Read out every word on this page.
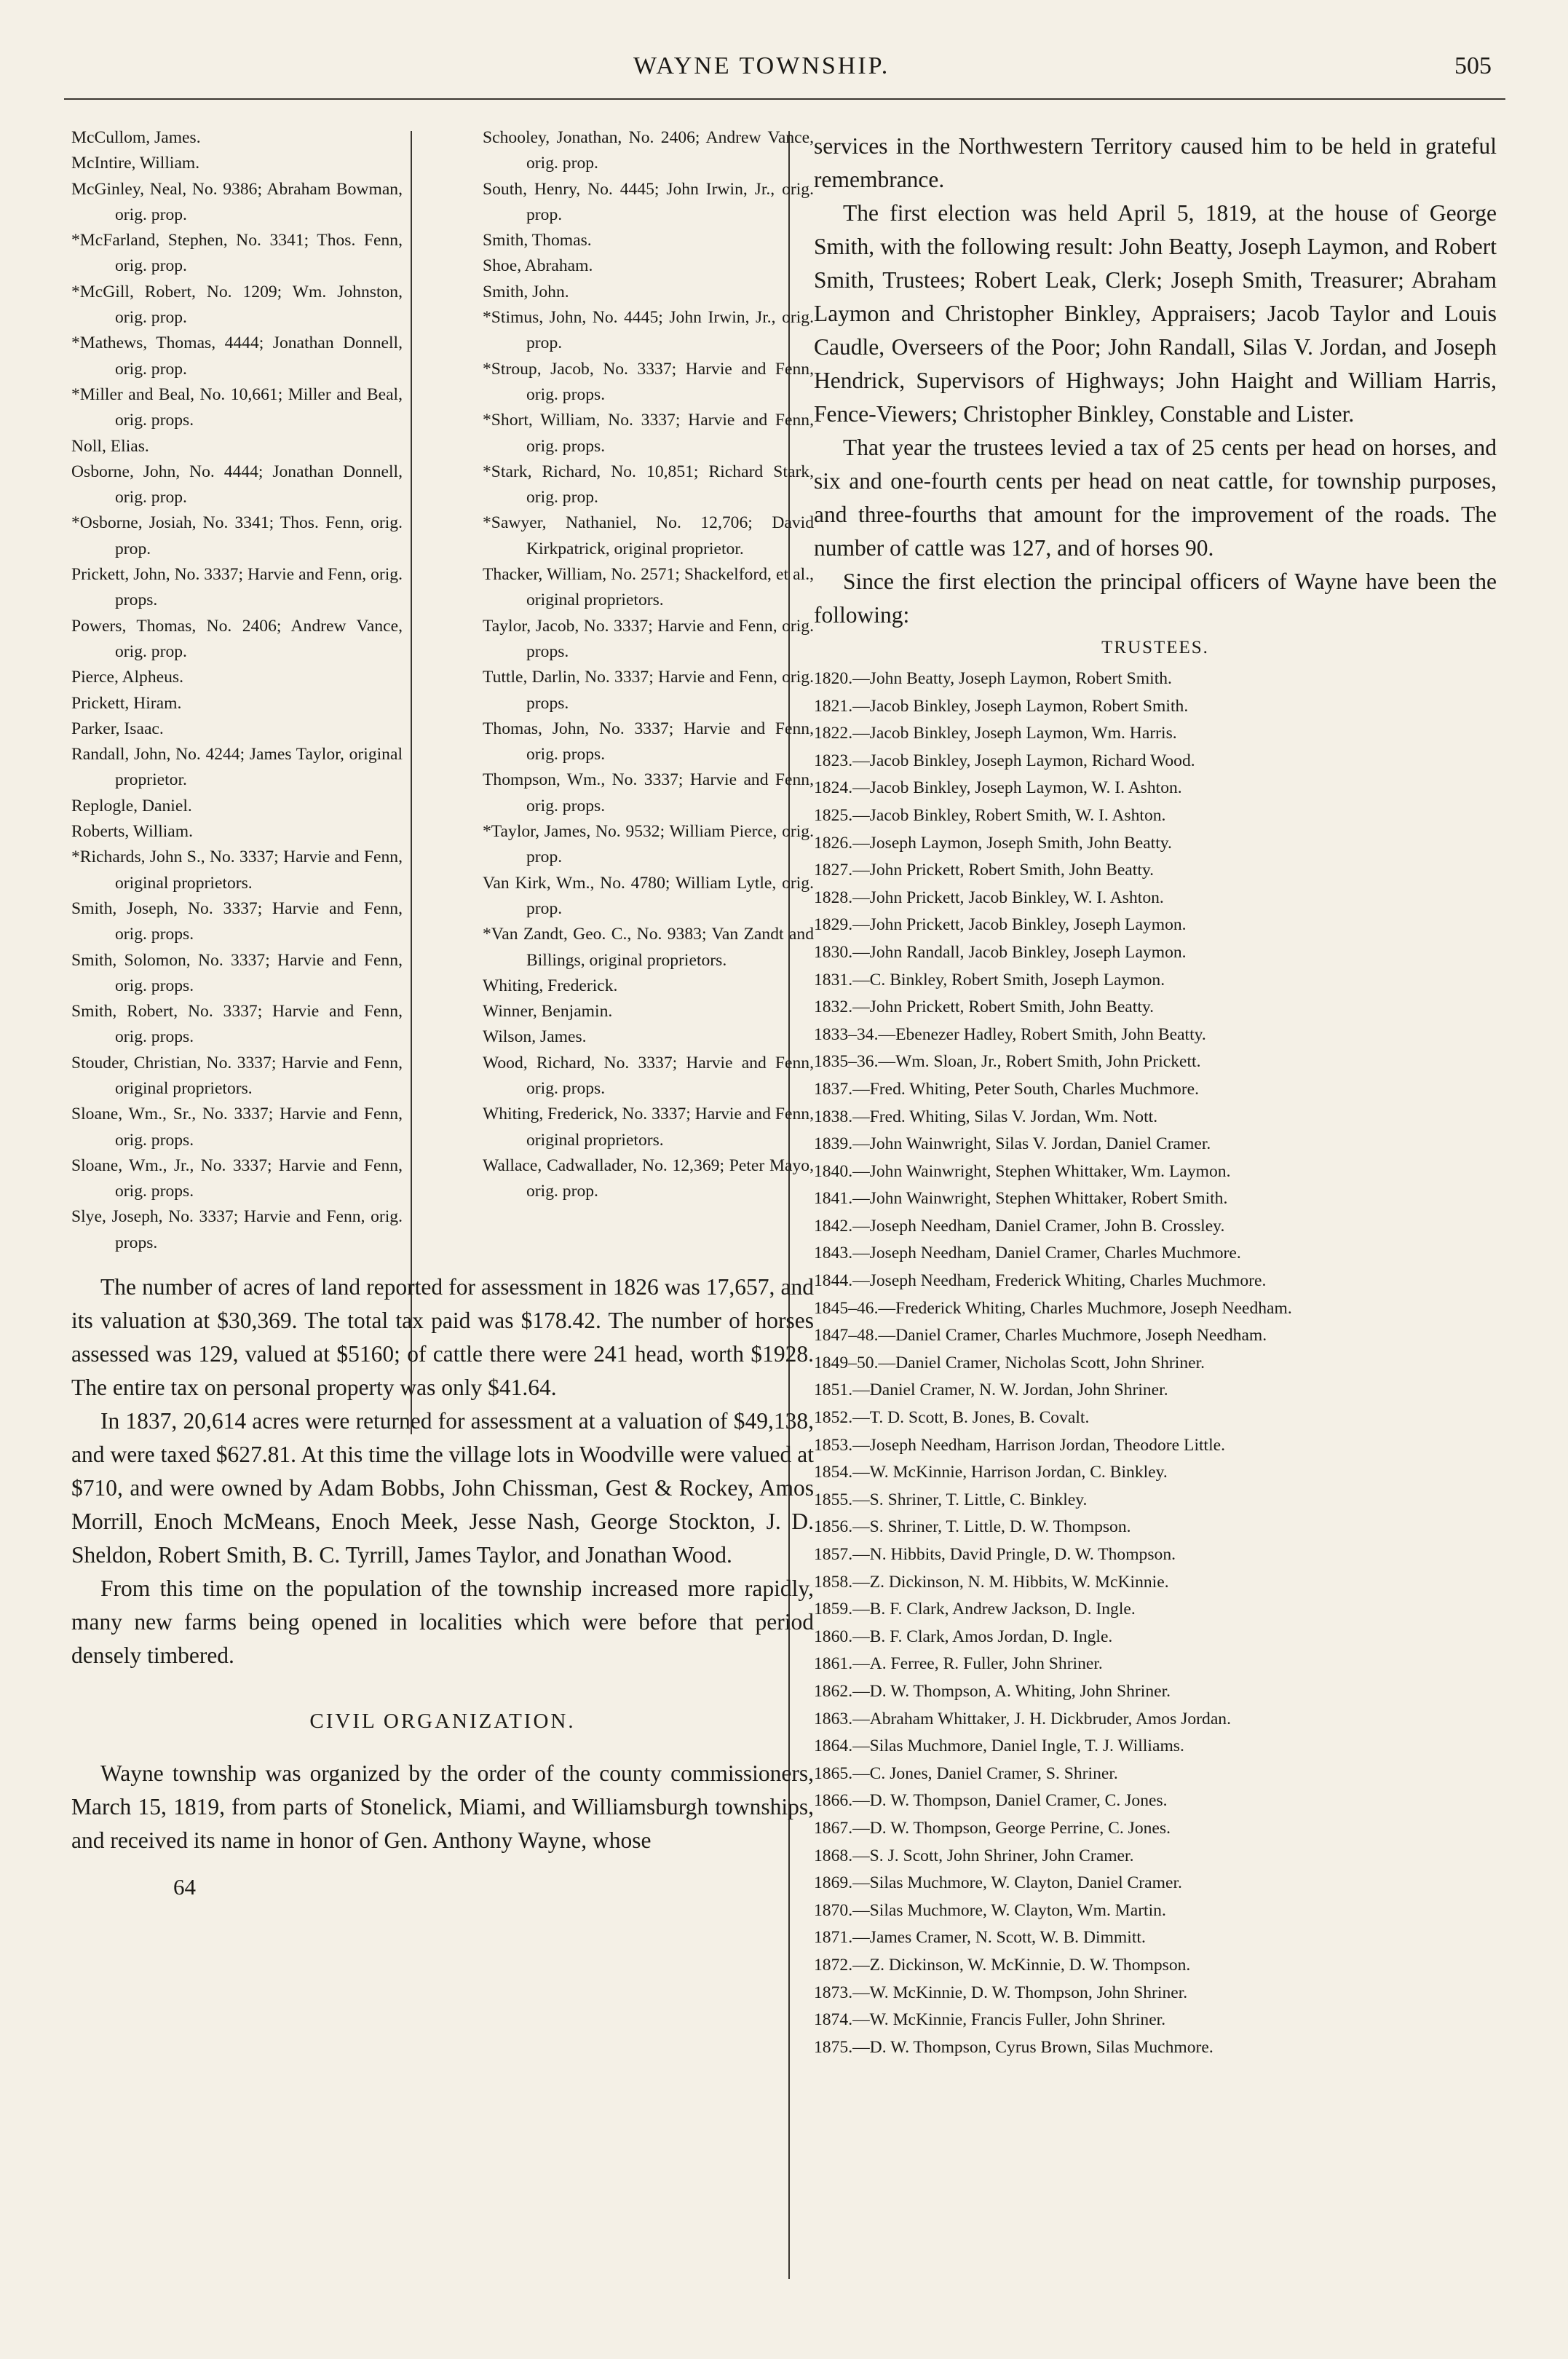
WAYNE TOWNSHIP.	505
McCullom, James.
McIntire, William.
McGinley, Neal, No. 9386; Abraham Bowman, orig. prop.
*McFarland, Stephen, No. 3341; Thos. Fenn, orig. prop.
*McGill, Robert, No. 1209; Wm. Johnston, orig. prop.
*Mathews, Thomas, 4444; Jonathan Donnell, orig. prop.
*Miller and Beal, No. 10,661; Miller and Beal, orig. props.
Noll, Elias.
Osborne, John, No. 4444; Jonathan Donnell, orig. prop.
*Osborne, Josiah, No. 3341; Thos. Fenn, orig. prop.
Prickett, John, No. 3337; Harvie and Fenn, orig. props.
Powers, Thomas, No. 2406; Andrew Vance, orig. prop.
Pierce, Alpheus.
Prickett, Hiram.
Parker, Isaac.
Randall, John, No. 4244; James Taylor, original proprietor.
Replogle, Daniel.
Roberts, William.
*Richards, John S., No. 3337; Harvie and Fenn, original proprietors.
Smith, Joseph, No. 3337; Harvie and Fenn, orig. props.
Smith, Solomon, No. 3337; Harvie and Fenn, orig. props.
Smith, Robert, No. 3337; Harvie and Fenn, orig. props.
Stouder, Christian, No. 3337; Harvie and Fenn, original proprietors.
Sloane, Wm., Sr., No. 3337; Harvie and Fenn, orig. props.
Sloane, Wm., Jr., No. 3337; Harvie and Fenn, orig. props.
Slye, Joseph, No. 3337; Harvie and Fenn, orig. props.
Schooley, Jonathan, No. 2406; Andrew Vance, orig. prop.
South, Henry, No. 4445; John Irwin, Jr., orig. prop.
Smith, Thomas.
Shoe, Abraham.
Smith, John.
*Stimus, John, No. 4445; John Irwin, Jr., orig. prop.
*Stroup, Jacob, No. 3337; Harvie and Fenn, orig. props.
*Short, William, No. 3337; Harvie and Fenn, orig. props.
*Stark, Richard, No. 10,851; Richard Stark, orig. prop.
*Sawyer, Nathaniel, No. 12,706; David Kirkpatrick, original proprietor.
Thacker, William, No. 2571; Shackelford, et al., original proprietors.
Taylor, Jacob, No. 3337; Harvie and Fenn, orig. props.
Tuttle, Darlin, No. 3337; Harvie and Fenn, orig. props.
Thomas, John, No. 3337; Harvie and Fenn, orig. props.
Thompson, Wm., No. 3337; Harvie and Fenn, orig. props.
*Taylor, James, No. 9532; William Pierce, orig. prop.
Van Kirk, Wm., No. 4780; William Lytle, orig. prop.
*Van Zandt, Geo. C., No. 9383; Van Zandt and Billings, original proprietors.
Whiting, Frederick.
Winner, Benjamin.
Wilson, James.
Wood, Richard, No. 3337; Harvie and Fenn, orig. props.
Whiting, Frederick, No. 3337; Harvie and Fenn, original proprietors.
Wallace, Cadwallader, No. 12,369; Peter Mayo, orig. prop.

The number of acres of land reported for assessment in 1826 was 17,657, and its valuation at $30,369. The total tax paid was $178.42. The number of horses assessed was 129, valued at $5160; of cattle there were 241 head, worth $1928. The entire tax on personal property was only $41.64.

In 1837, 20,614 acres were returned for assessment at a valuation of $49,138, and were taxed $627.81. At this time the village lots in Woodville were valued at $710, and were owned by Adam Bobbs, John Chissman, Gest & Rockey, Amos Morrill, Enoch McMeans, Enoch Meek, Jesse Nash, George Stockton, J. D. Sheldon, Robert Smith, B. C. Tyrrill, James Taylor, and Jonathan Wood.

From this time on the population of the township increased more rapidly, many new farms being opened in localities which were before that period densely timbered.

CIVIL ORGANIZATION.

Wayne township was organized by the order of the county commissioners, March 15, 1819, from parts of Stonelick, Miami, and Williamsburgh townships, and received its name in honor of Gen. Anthony Wayne, whose

64

services in the Northwestern Territory caused him to be held in grateful remembrance.

The first election was held April 5, 1819, at the house of George Smith, with the following result: John Beatty, Joseph Laymon, and Robert Smith, Trustees; Robert Leak, Clerk; Joseph Smith, Treasurer; Abraham Laymon and Christopher Binkley, Appraisers; Jacob Taylor and Louis Caudle, Overseers of the Poor; John Randall, Silas V. Jordan, and Joseph Hendrick, Supervisors of Highways; John Haight and William Harris, Fence-Viewers; Christopher Binkley, Constable and Lister.

That year the trustees levied a tax of 25 cents per head on horses, and six and one-fourth cents per head on neat cattle, for township purposes, and three-fourths that amount for the improvement of the roads. The number of cattle was 127, and of horses 90.

Since the first election the principal officers of Wayne have been the following:

TRUSTEES.
1820.—John Beatty, Joseph Laymon, Robert Smith.
1821.—Jacob Binkley, Joseph Laymon, Robert Smith.
1822.—Jacob Binkley, Joseph Laymon, Wm. Harris.
1823.—Jacob Binkley, Joseph Laymon, Richard Wood.
1824.—Jacob Binkley, Joseph Laymon, W. I. Ashton.
1825.—Jacob Binkley, Robert Smith, W. I. Ashton.
1826.—Joseph Laymon, Joseph Smith, John Beatty.
1827.—John Prickett, Robert Smith, John Beatty.
1828.—John Prickett, Jacob Binkley, W. I. Ashton.
1829.—John Prickett, Jacob Binkley, Joseph Laymon.
1830.—John Randall, Jacob Binkley, Joseph Laymon.
1831.—C. Binkley, Robert Smith, Joseph Laymon.
1832.—John Prickett, Robert Smith, John Beatty.
1833–34.—Ebenezer Hadley, Robert Smith, John Beatty.
1835–36.—Wm. Sloan, Jr., Robert Smith, John Prickett.
1837.—Fred. Whiting, Peter South, Charles Muchmore.
1838.—Fred. Whiting, Silas V. Jordan, Wm. Nott.
1839.—John Wainwright, Silas V. Jordan, Daniel Cramer.
1840.—John Wainwright, Stephen Whittaker, Wm. Laymon.
1841.—John Wainwright, Stephen Whittaker, Robert Smith.
1842.—Joseph Needham, Daniel Cramer, John B. Crossley.
1843.—Joseph Needham, Daniel Cramer, Charles Muchmore.
1844.—Joseph Needham, Frederick Whiting, Charles Muchmore.
1845–46.—Frederick Whiting, Charles Muchmore, Joseph Needham.
1847–48.—Daniel Cramer, Charles Muchmore, Joseph Needham.
1849–50.—Daniel Cramer, Nicholas Scott, John Shriner.
1851.—Daniel Cramer, N. W. Jordan, John Shriner.
1852.—T. D. Scott, B. Jones, B. Covalt.
1853.—Joseph Needham, Harrison Jordan, Theodore Little.
1854.—W. McKinnie, Harrison Jordan, C. Binkley.
1855.—S. Shriner, T. Little, C. Binkley.
1856.—S. Shriner, T. Little, D. W. Thompson.
1857.—N. Hibbits, David Pringle, D. W. Thompson.
1858.—Z. Dickinson, N. M. Hibbits, W. McKinnie.
1859.—B. F. Clark, Andrew Jackson, D. Ingle.
1860.—B. F. Clark, Amos Jordan, D. Ingle.
1861.—A. Ferree, R. Fuller, John Shriner.
1862.—D. W. Thompson, A. Whiting, John Shriner.
1863.—Abraham Whittaker, J. H. Dickbruder, Amos Jordan.
1864.—Silas Muchmore, Daniel Ingle, T. J. Williams.
1865.—C. Jones, Daniel Cramer, S. Shriner.
1866.—D. W. Thompson, Daniel Cramer, C. Jones.
1867.—D. W. Thompson, George Perrine, C. Jones.
1868.—S. J. Scott, John Shriner, John Cramer.
1869.—Silas Muchmore, W. Clayton, Daniel Cramer.
1870.—Silas Muchmore, W. Clayton, Wm. Martin.
1871.—James Cramer, N. Scott, W. B. Dimmitt.
1872.—Z. Dickinson, W. McKinnie, D. W. Thompson.
1873.—W. McKinnie, D. W. Thompson, John Shriner.
1874.—W. McKinnie, Francis Fuller, John Shriner.
1875.—D. W. Thompson, Cyrus Brown, Silas Muchmore.
